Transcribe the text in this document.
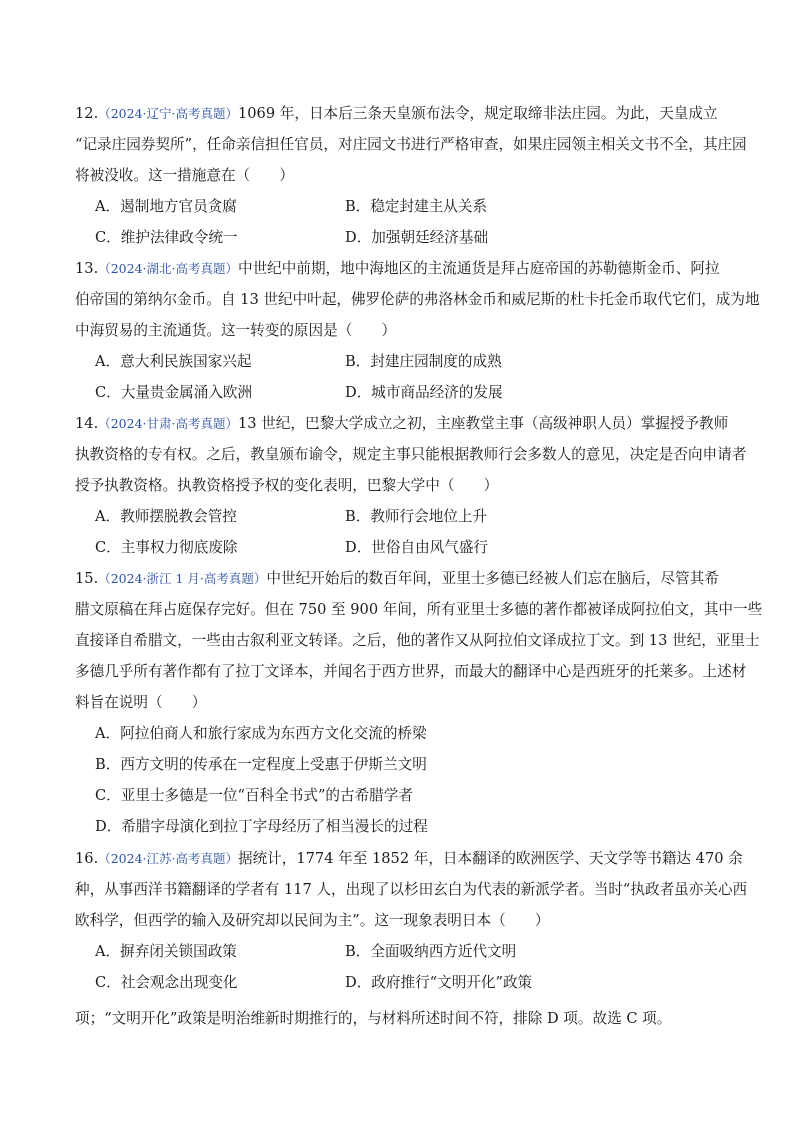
12.（2024·辽宁·高考真题）1069 年，日本后三条天皇颁布法令，规定取缔非法庄园。为此，天皇成立
“记录庄园券契所”，任命亲信担任官员，对庄园文书进行严格审查，如果庄园领主相关文书不全，其庄园
将被没收。这一措施意在（　　）
A．遏制地方官员贪腐	B．稳定封建主从关系
C．维护法律政令统一	D．加强朝廷经济基础
13.（2024·湖北·高考真题）中世纪中前期，地中海地区的主流通货是拜占庭帝国的苏勒德斯金币、阿拉
伯帝国的第纳尔金币。自 13 世纪中叶起，佛罗伦萨的弗洛林金币和威尼斯的杜卡托金币取代它们，成为地
中海贸易的主流通货。这一转变的原因是（　　）
A．意大利民族国家兴起	B．封建庄园制度的成熟
C．大量贵金属涌入欧洲	D．城市商品经济的发展
14.（2024·甘肃·高考真题）13 世纪，巴黎大学成立之初，主座教堂主事（高级神职人员）掌握授予教师
执教资格的专有权。之后，教皇颁布谕令，规定主事只能根据教师行会多数人的意见，决定是否向申请者
授予执教资格。执教资格授予权的变化表明，巴黎大学中（　　）
A．教师摆脱教会管控	B．教师行会地位上升
C．主事权力彻底废除	D．世俗自由风气盛行
15.（2024·浙江 1 月·高考真题）中世纪开始后的数百年间，亚里士多德已经被人们忘在脑后，尽管其希
腊文原稿在拜占庭保存完好。但在 750 至 900 年间，所有亚里士多德的著作都被译成阿拉伯文，其中一些
直接译自希腊文，一些由古叙利亚文转译。之后，他的著作又从阿拉伯文译成拉丁文。到 13 世纪，亚里士
多德几乎所有著作都有了拉丁文译本，并闻名于西方世界，而最大的翻译中心是西班牙的托莱多。上述材
料旨在说明（　　）
A．阿拉伯商人和旅行家成为东西方文化交流的桥梁
B．西方文明的传承在一定程度上受惠于伊斯兰文明
C．亚里士多德是一位“百科全书式”的古希腊学者
D．希腊字母演化到拉丁字母经历了相当漫长的过程
16.（2024·江苏·高考真题）据统计，1774 年至 1852 年，日本翻译的欧洲医学、天文学等书籍达 470 余
种，从事西洋书籍翻译的学者有 117 人，出现了以杉田玄白为代表的新派学者。当时“执政者虽亦关心西
欧科学，但西学的输入及研究却以民间为主”。这一现象表明日本（　　）
A．摒弃闭关锁国政策	B．全面吸纳西方近代文明
C．社会观念出现变化	D．政府推行“文明开化”政策
项；“文明开化”政策是明治维新时期推行的，与材料所述时间不符，排除 D 项。故选 C 项。
